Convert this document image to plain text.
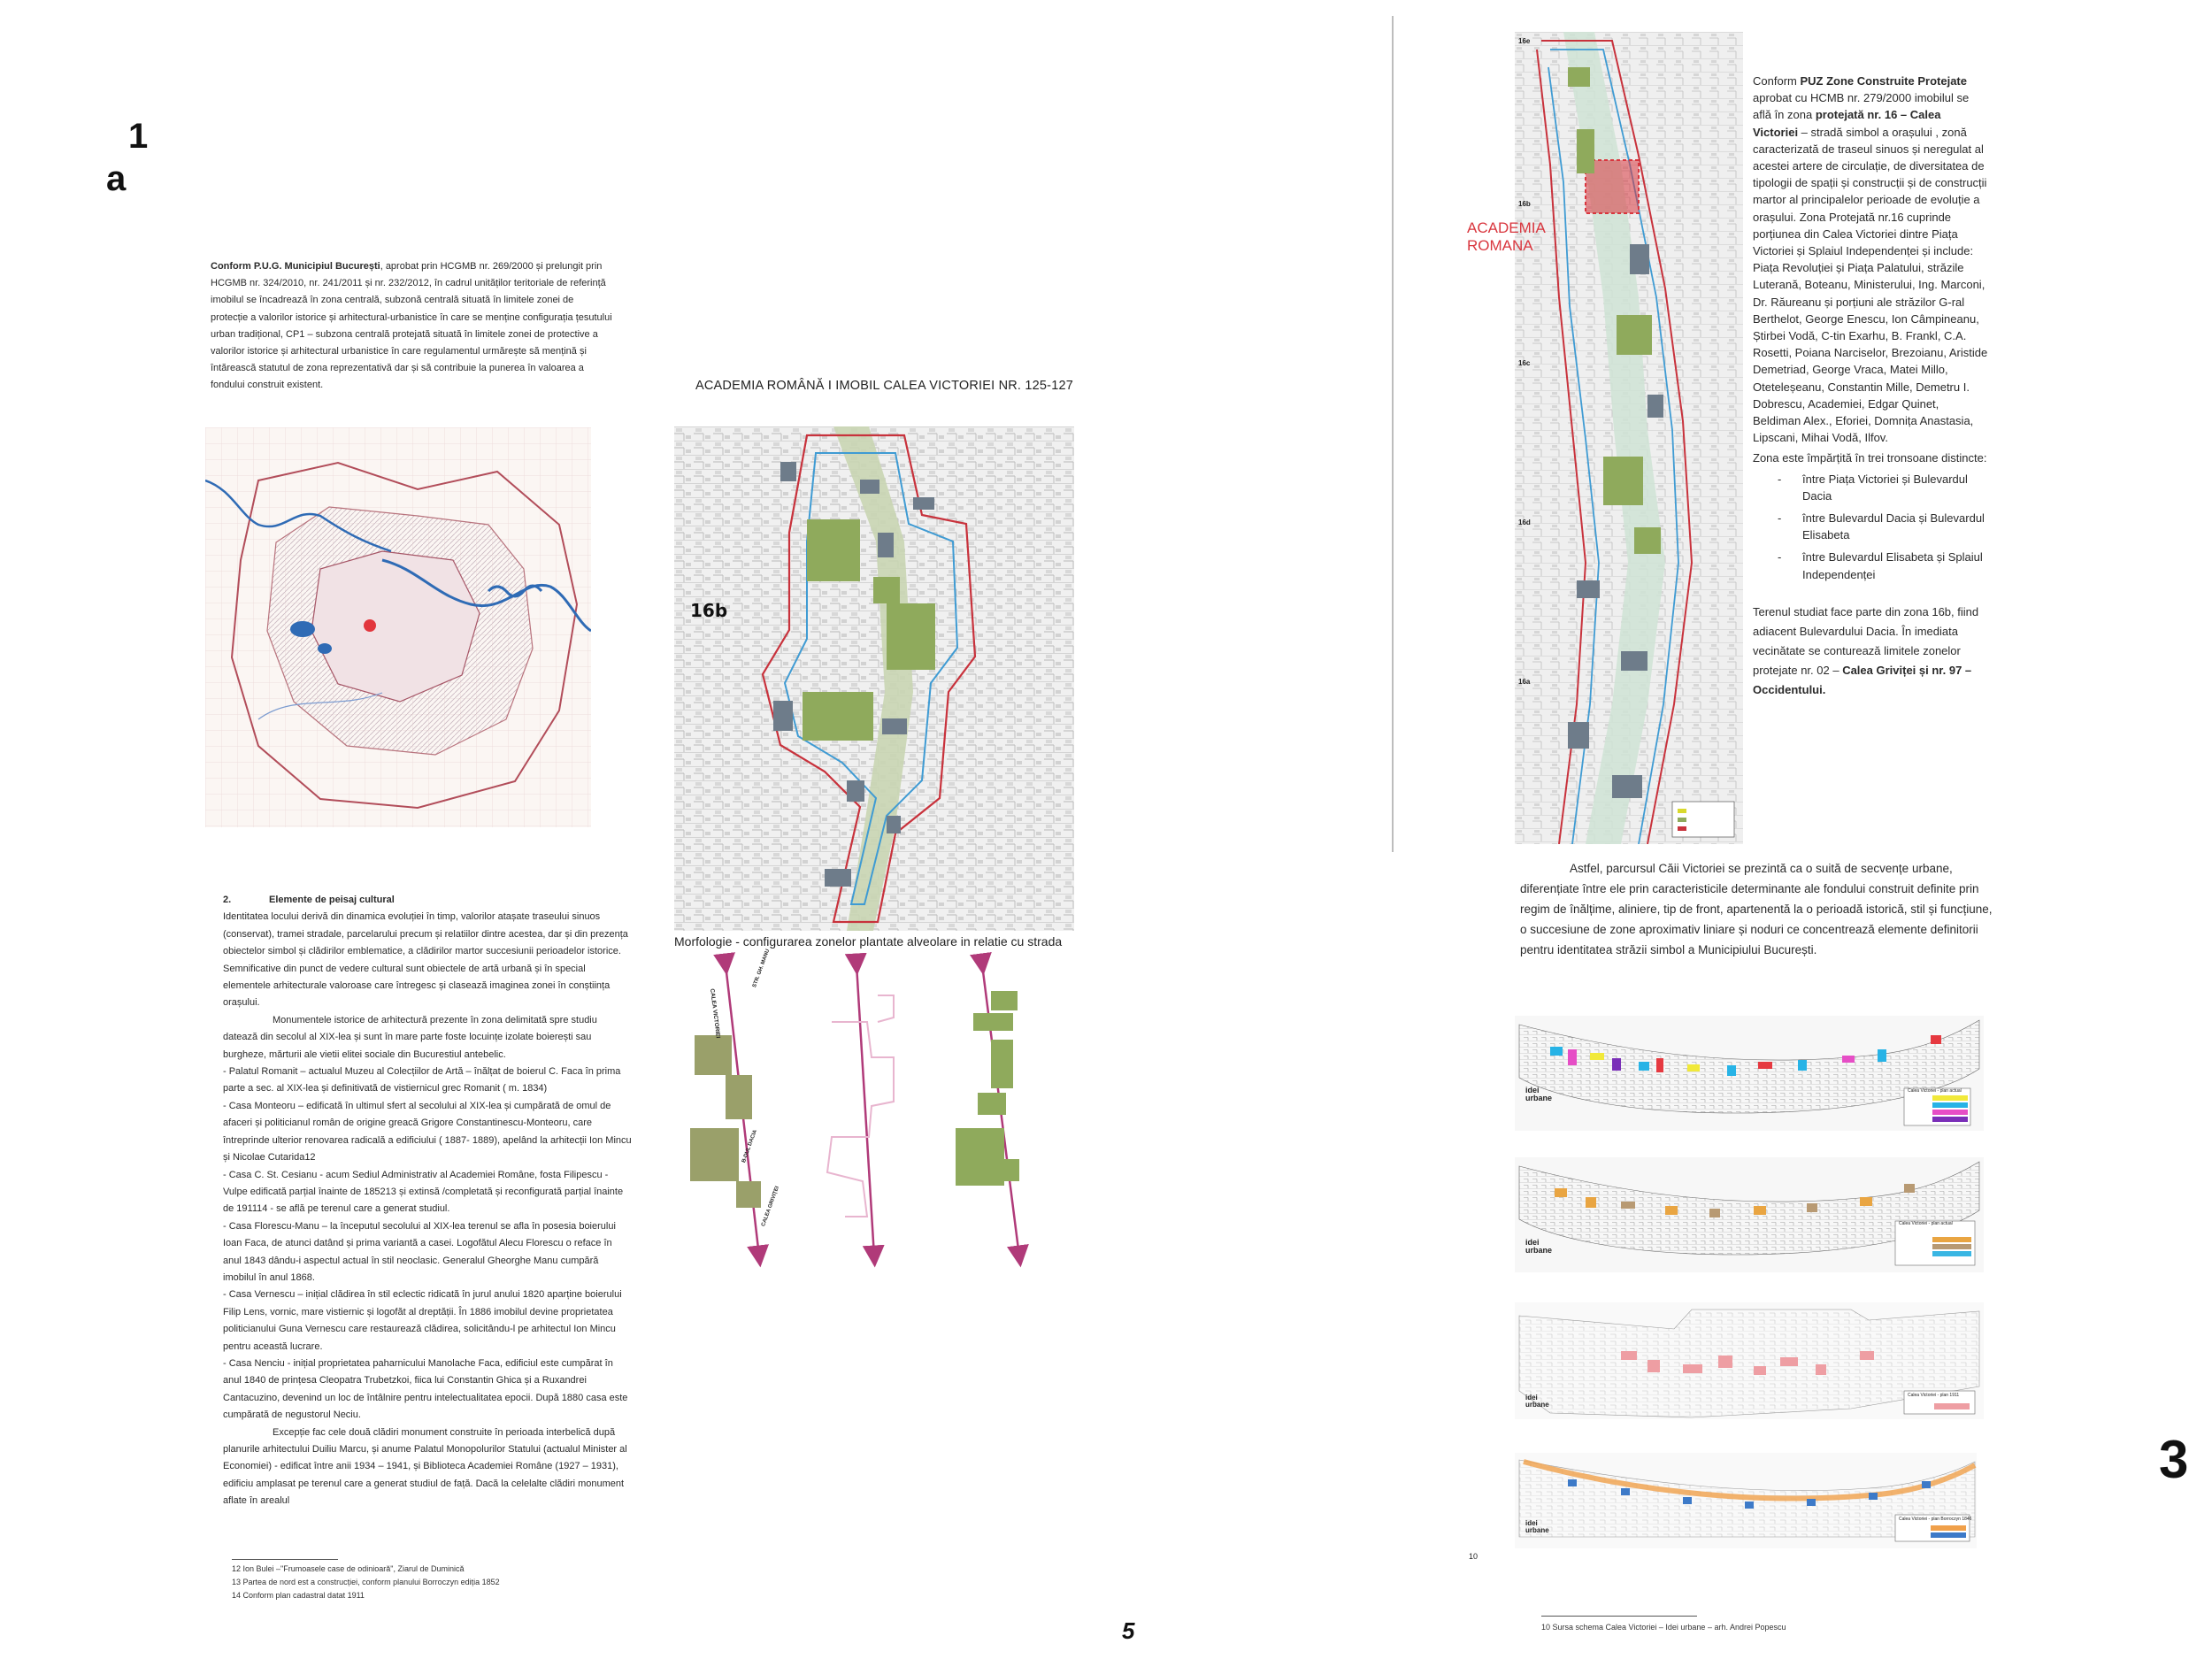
1
a
3
Conform P.U.G. Municipiul București, aprobat prin HCGMB nr. 269/2000 și prelungit prin HCGMB nr. 324/2010, nr. 241/2011 și nr. 232/2012, în cadrul unităților teritoriale de referință imobilul se încadrează în zona centrală, subzonă centrală situată în limitele zonei de protecție a valorilor istorice și arhitectural-urbanistice în care se menține configurația țesutului urban tradițional, CP1 – subzona centrală protejată situată în limitele zonei de protective a valorilor istorice și arhitectural urbanistice în care regulamentul urmărește să mențină și întărească statutul de zona reprezentativă dar și să contribuie la punerea în valoarea a fondului construit existent.

2.	Elemente de peisaj cultural

Identitatea locului derivă din dinamica evoluției în timp, valorilor atașate traseului sinuos (conservat), tramei stradale, parcelarului precum și relatiilor dintre acestea, dar și din prezența obiectelor simbol și clădirilor emblematice, a clădirilor martor succesiunii perioadelor istorice. Semnificative din punct de vedere cultural sunt obiectele de artă urbană și în special elementele arhitecturale valoroase care întregesc și clasează imaginea zonei în conștiința orașului.

Monumentele istorice de arhitectură prezente în zona delimitată spre studiu datează din secolul al XIX-lea și sunt în mare parte foste locuințe izolate boierești sau burgheze, mărturii ale vietii elitei sociale din Bucurestiul antebelic.

- Palatul Romanit – actualul Muzeu al Colecțiilor de Artă – înălțat de boierul C. Faca în prima parte a sec. al XIX-lea și definitivată de vistiernicul grec Romanit ( m. 1834)

- Casa Monteoru – edificată în ultimul sfert al secolului al XIX-lea și cumpărată de omul de afaceri și politicianul român de origine greacă Grigore Constantinescu-Monteoru, care întreprinde ulterior renovarea radicală a edificiului ( 1887- 1889), apelând la arhitecții Ion Mincu și Nicolae Cutarida12

- Casa C. St. Cesianu - acum Sediul Administrativ al Academiei Române, fosta Filipescu - Vulpe edificată parțial înainte de 185213 și extinsă /completată și reconfigurată parțial înainte de 191114 - se află pe terenul care a generat studiul.

- Casa Florescu-Manu – la începutul secolului al XIX-lea terenul se afla în posesia boierului Ioan Faca, de atunci datând și prima variantă a casei. Logofătul Alecu Florescu o reface în anul 1843 dându-i aspectul actual în stil neoclasic. Generalul Gheorghe Manu cumpără imobilul în anul 1868.

- Casa Vernescu – inițial clădirea în stil eclectic ridicată în jurul anului 1820 aparține boierului Filip Lens, vornic, mare vistiernic și logofăt al dreptății. În 1886 imobilul devine proprietatea politicianului Guna Vernescu care restaurează clădirea, solicitându-l pe arhitectul Ion Mincu pentru această lucrare.

- Casa Nenciu - inițial proprietatea paharnicului Manolache Faca, edificiul este cumpărat în anul 1840 de prințesa Cleopatra Trubetzkoi, fiica lui Constantin Ghica și a Ruxandrei Cantacuzino, devenind un loc de întâlnire pentru intelectualitatea epocii. După 1880 casa este cumpărată de negustorul Neciu.

Excepție fac cele două clădiri monument construite în perioada interbelică după planurile arhitectului Duiliu Marcu, și anume Palatul Monopolurilor Statului (actualul Minister al Economiei) - edificat între anii 1934 – 1941, și Biblioteca Academiei Române (1927 – 1931), edificiu amplasat pe terenul care a generat studiul de față. Dacă la celelalte clădiri monument aflate în arealul

12 Ion Bulei –"Frumoasele case de odinioară", Ziarul de Duminică
13 Partea de nord est a construcției, conform planului Borroczyn ediția 1852
14 Conform plan cadastral datat 1911
5
ACADEMIA ROMÂNĂ I IMOBIL CALEA VICTORIEI NR. 125-127
16b
Morfologie - configurarea zonelor plantate alveolare in relatie cu strada
CALEA VICTORIEI
STR. GH. MANU
B-DUL DACIA
CALEA GRIVIȚEI
16e
16b
16c
16d
16a
ACADEMIA
ROMANA

Conform PUZ Zone Construite Protejate aprobat cu HCMB nr. 279/2000 imobilul se află în zona protejată nr. 16 – Calea Victoriei – stradă simbol a orașului , zonă caracterizată de traseul sinuos și neregulat al acestei artere de circulație, de diversitatea de tipologii de spații și construcții și de construcții martor al principalelor perioade de evoluție a orașului. Zona Protejată nr.16 cuprinde porțiunea din Calea Victoriei dintre Piața Victoriei și Splaiul Independenței și include: Piața Revoluției și Piața Palatului, străzile Luterană, Boteanu, Ministerului, Ing. Marconi, Dr. Răureanu și porțiuni ale străzilor G-ral Berthelot, George Enescu, Ion Câmpineanu, Știrbei Vodă, C-tin Exarhu, B. Frankl, C.A. Rosetti, Poiana Narciselor, Brezoianu, Aristide Demetriad, George Vraca, Matei Millo, Oteteleșeanu, Constantin Mille, Demetru I. Dobrescu, Academiei, Edgar Quinet, Beldiman Alex., Eforiei, Domnița Anastasia, Lipscani, Mihai Vodă, Ilfov.

Zona este împărțită în trei tronsoane distincte:

- între Piața Victoriei și Bulevardul Dacia
- între Bulevardul Dacia și Bulevardul Elisabeta
- între Bulevardul Elisabeta și Splaiul Independenței

Terenul studiat face parte din zona 16b, fiind adiacent Bulevardului Dacia. În imediata vecinătate se conturează limitele zonelor protejate nr. 02 – Calea Griviței și nr. 97 – Occidentului.

Astfel, parcursul Căii Victoriei se prezintă ca o suită de secvențe urbane, diferențiate între ele prin caracteristicile determinante ale fondului construit definite prin regim de înălțime, aliniere, tip de front, apartenentă la o perioadă istorică, stil și funcțiune, o succesiune de zone aproximativ liniare și noduri ce concentrează elemente definitorii pentru identitatea străzii simbol a Municipiului București.
Calea Victoriei - plan actual
idei
urbane
Calea Victoriei - plan actual
idei
urbane
Calea Victoriei - plan 1911
idei
urbane
Calea Victoriei - plan Borroczyn 1846
idei
urbane
10
10 Sursa schema Calea Victoriei – Idei urbane – arh. Andrei Popescu
